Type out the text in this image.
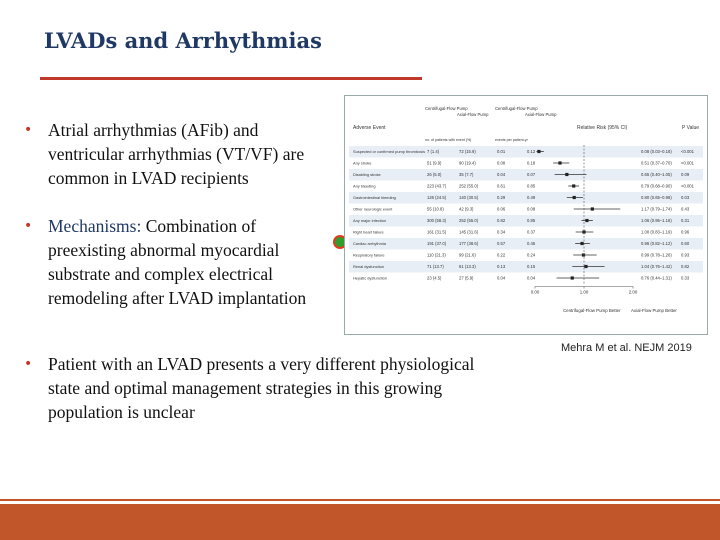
LVADs and Arrhythmias
• Atrial arrhythmias (AFib) and ventricular arrhythmias (VT/VF) are common in LVAD recipients
• Mechanisms: Combination of preexisting abnormal myocardial substrate and complex electrical remodeling after LVAD implantation
• Patient with an LVAD presents a very different physiological state and optimal management strategies in this growing population is unclear
Adverse Event
Centrifugal-Flow Pump
Axial-Flow Pump
Centrifugal-Flow Pump
Axial-Flow Pump
Relative Risk (95% CI)	P Value
no. of patients with event (%)	events per patient-yr
Suspected or confirmed pump thrombosis 7 (1.4)	72 (15.9)	0.01	0.12	0.08 (0.03–0.18) <0.001
Any stroke	51 (9.9)	90 (19.4)	0.08	0.18	0.51 (0.37–0.70) <0.001
Disabling stroke	26 (5.0)	35 (7.7)	0.04	0.07	0.65 (0.40–1.05) 0.09
Any bleeding	223 (43.7)	252 (55.0)	0.61	0.85	0.79 (0.68–0.90) <0.001
Gastrointestinal bleeding	126 (24.5)	140 (30.5)	0.29	0.49	0.80 (0.65–0.98) 0.03
Other neurologic event	55 (10.8)	42 (9.3)	0.06	0.08	1.17 (0.79–1.74) 0.43
Any major infection	300 (58.3)	252 (55.0)	0.82	0.85	1.06 (0.95–1.18) 0.31
Right heart failure	161 (31.5)	145 (31.6)	0.34	0.37	1.00 (0.83–1.19) 0.96
Cardiac arrhythmia	191 (37.0)	177 (38.6)	0.57	0.45	0.96 (0.82–1.12) 0.60
Respiratory failure	110 (21.3)	99 (21.6)	0.22	0.24	0.99 (0.78–1.26) 0.93
Renal dysfunction	71 (13.7)	61 (13.3)	0.13	0.15	1.04 (0.76–1.42) 0.82
Hepatic dysfunction	23 (4.5)	27 (5.9)	0.04	0.04	0.76 (0.44–1.31) 0.33
0.00	1.00	2.00
Centrifugal-Flow Pump Better Axial-Flow Pump Better
Mehra M et al. NEJM 2019
